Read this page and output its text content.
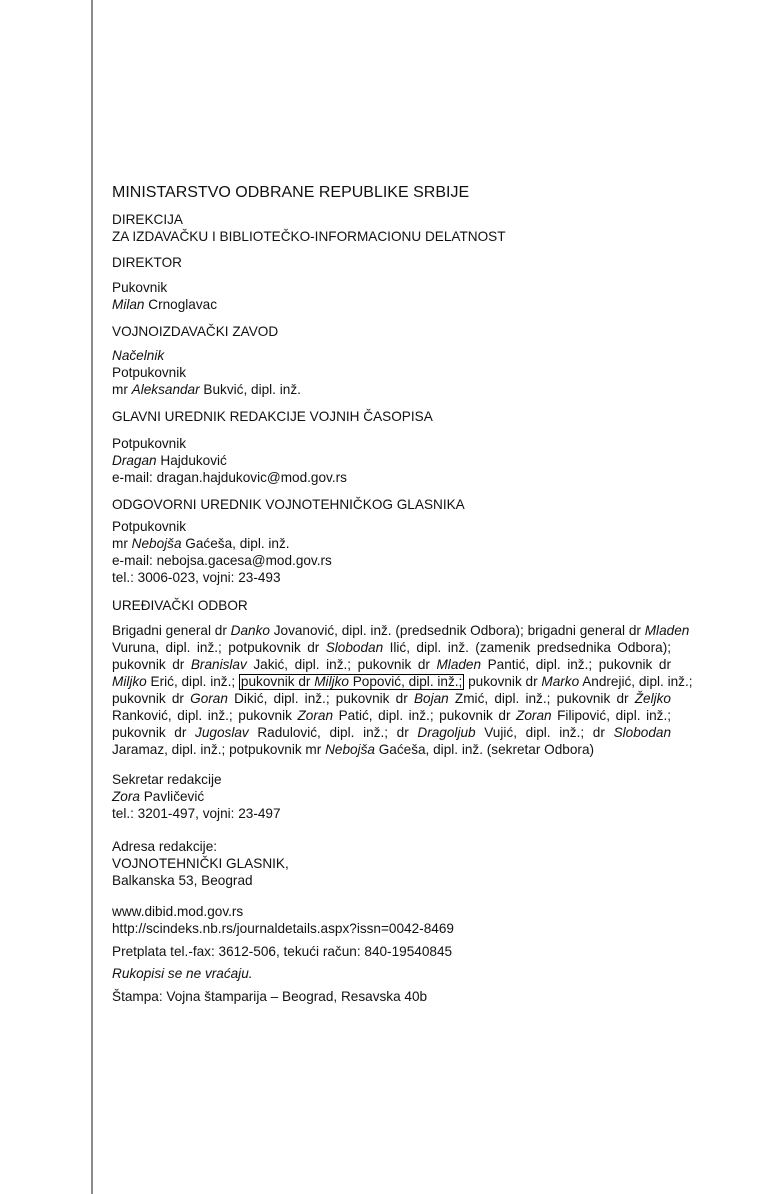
MINISTARSTVO ODBRANE REPUBLIKE SRBIJE
DIREKCIJA
ZA IZDAVAČKU I BIBLIOTEČKO-INFORMACIONU DELATNOST
DIREKTOR
Pukovnik
Milan Crnoglavac
VOJNOIZDAVAČKI ZAVOD
Načelnik
Potpukovnik
mr Aleksandar Bukvić, dipl. inž.
GLAVNI UREDNIK REDAKCIJE VOJNIH ČASOPISA
Potpukovnik
Dragan Hajduković
e-mail: dragan.hajdukovic@mod.gov.rs
ODGOVORNI UREDNIK VOJNOTEHNIČKOG GLASNIKA
Potpukovnik
mr Nebojša Gaćeša, dipl. inž.
e-mail: nebojsa.gacesa@mod.gov.rs
tel.: 3006-023, vojni: 23-493
UREĐIVAČKI ODBOR
Brigadni general dr Danko Jovanović, dipl. inž. (predsednik Odbora); brigadni general dr Mladen
Vuruna, dipl. inž.; potpukovnik dr Slobodan Ilić, dipl. inž. (zamenik predsednika Odbora);
pukovnik dr Branislav Jakić, dipl. inž.; pukovnik dr Mladen Pantić, dipl. inž.; pukovnik dr
Miljko Erić, dipl. inž.; pukovnik dr Miljko Popović, dipl. inž.; pukovnik dr Marko Andrejić, dipl. inž.;
pukovnik dr Goran Dikić, dipl. inž.; pukovnik dr Bojan Zmić, dipl. inž.; pukovnik dr Željko
Ranković, dipl. inž.; pukovnik Zoran Patić, dipl. inž.; pukovnik dr Zoran Filipović, dipl. inž.;
pukovnik dr Jugoslav Radulović, dipl. inž.; dr Dragoljub Vujić, dipl. inž.; dr Slobodan
Jaramaz, dipl. inž.; potpukovnik mr Nebojša Gaćeša, dipl. inž. (sekretar Odbora)
Sekretar redakcije
Zora Pavličević
tel.: 3201-497, vojni: 23-497
Adresa redakcije:
VOJNOTEHNIČKI GLASNIK,
Balkanska 53, Beograd
www.dibid.mod.gov.rs
http://scindeks.nb.rs/journaldetails.aspx?issn=0042-8469
Pretplata tel.-fax: 3612-506, tekući račun: 840-19540845
Rukopisi se ne vraćaju.
Štampa: Vojna štamparija – Beograd, Resavska 40b
